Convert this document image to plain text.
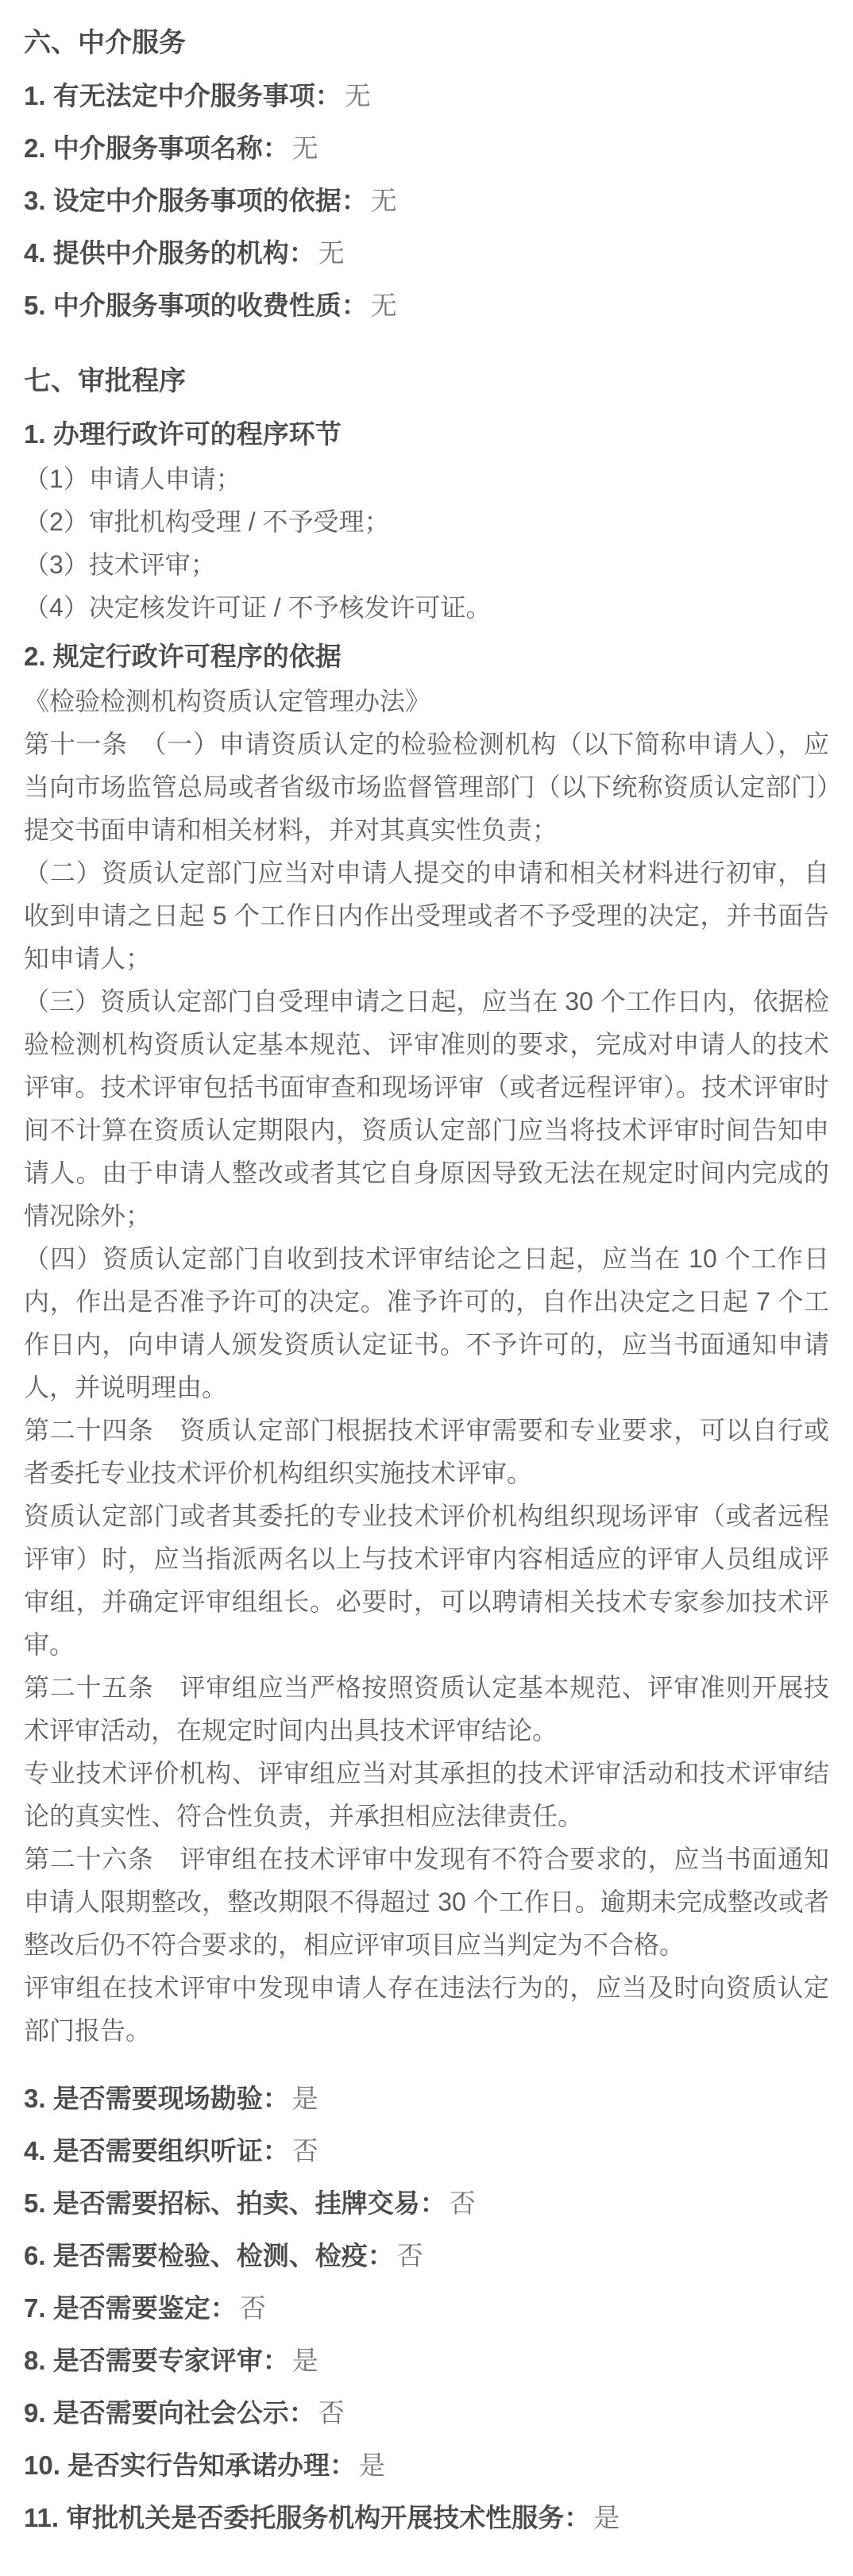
六、中介服务
1. 有无法定中介服务事项： 无
2. 中介服务事项名称： 无
3. 设定中介服务事项的依据： 无
4. 提供中介服务的机构： 无
5. 中介服务事项的收费性质： 无
七、审批程序
1. 办理行政许可的程序环节
（1）申请人申请；
（2）审批机构受理 / 不予受理；
（3）技术评审；
（4）决定核发许可证 / 不予核发许可证。
2. 规定行政许可程序的依据

《检验检测机构资质认定管理办法》

第十一条　（一）申请资质认定的检验检测机构（以下简称申请人），应当向市场监管总局或者省级市场监督管理部门（以下统称资质认定部门）提交书面申请和相关材料，并对其真实性负责；

（二）资质认定部门应当对申请人提交的申请和相关材料进行初审，自收到申请之日起 5 个工作日内作出受理或者不予受理的决定，并书面告知申请人；

（三）资质认定部门自受理申请之日起，应当在 30 个工作日内，依据检验检测机构资质认定基本规范、评审准则的要求，完成对申请人的技术评审。技术评审包括书面审查和现场评审（或者远程评审）。技术评审时间不计算在资质认定期限内，资质认定部门应当将技术评审时间告知申请人。由于申请人整改或者其它自身原因导致无法在规定时间内完成的情况除外；

（四）资质认定部门自收到技术评审结论之日起，应当在 10 个工作日内，作出是否准予许可的决定。准予许可的，自作出决定之日起 7 个工作日内，向申请人颁发资质认定证书。不予许可的，应当书面通知申请人，并说明理由。

第二十四条　资质认定部门根据技术评审需要和专业要求，可以自行或者委托专业技术评价机构组织实施技术评审。

资质认定部门或者其委托的专业技术评价机构组织现场评审（或者远程评审）时，应当指派两名以上与技术评审内容相适应的评审人员组成评审组，并确定评审组组长。必要时，可以聘请相关技术专家参加技术评审。

第二十五条　评审组应当严格按照资质认定基本规范、评审准则开展技术评审活动，在规定时间内出具技术评审结论。

专业技术评价机构、评审组应当对其承担的技术评审活动和技术评审结论的真实性、符合性负责，并承担相应法律责任。

第二十六条　评审组在技术评审中发现有不符合要求的，应当书面通知申请人限期整改，整改期限不得超过 30 个工作日。逾期未完成整改或者整改后仍不符合要求的，相应评审项目应当判定为不合格。

评审组在技术评审中发现申请人存在违法行为的，应当及时向资质认定部门报告。

3. 是否需要现场勘验： 是
4. 是否需要组织听证： 否
5. 是否需要招标、拍卖、挂牌交易： 否
6. 是否需要检验、检测、检疫： 否
7. 是否需要鉴定： 否
8. 是否需要专家评审： 是
9. 是否需要向社会公示： 否
10. 是否实行告知承诺办理： 是
11. 审批机关是否委托服务机构开展技术性服务： 是
